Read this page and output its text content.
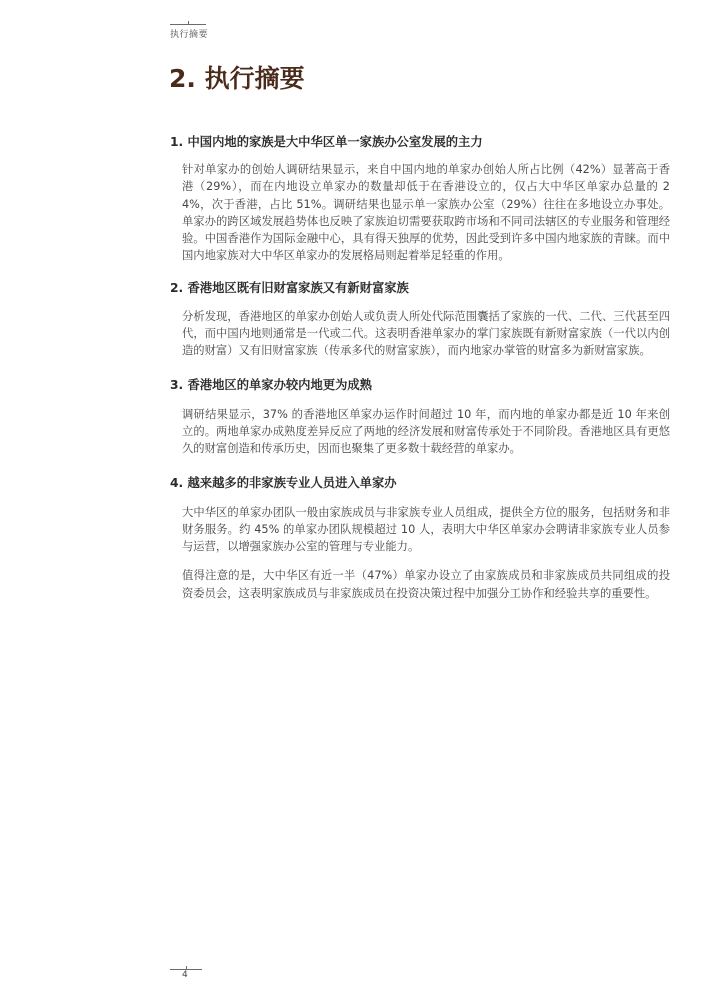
执行摘要
2. 执行摘要
1. 中国内地的家族是大中华区单一家族办公室发展的主力

针对单家办的创始人调研结果显示，来自中国内地的单家办创始人所占比例（42%）显著高于香港（29%），而在内地设立单家办的数量却低于在香港设立的，仅占大中华区单家办总量的 24%，次于香港，占比 51%。调研结果也显示单一家族办公室（29%）往往在多地设立办事处。单家办的跨区域发展趋势体也反映了家族迫切需要获取跨市场和不同司法辖区的专业服务和管理经验。中国香港作为国际金融中心，具有得天独厚的优势，因此受到许多中国内地家族的青睐。而中国内地家族对大中华区单家办的发展格局则起着举足轻重的作用。

2. 香港地区既有旧财富家族又有新财富家族

分析发现，香港地区的单家办创始人或负责人所处代际范围囊括了家族的一代、二代、三代甚至四代，而中国内地则通常是一代或二代。这表明香港单家办的掌门家族既有新财富家族（一代以内创造的财富）又有旧财富家族（传承多代的财富家族），而内地家办掌管的财富多为新财富家族。

3. 香港地区的单家办较内地更为成熟

调研结果显示，37% 的香港地区单家办运作时间超过 10 年，而内地的单家办都是近 10 年来创立的。两地单家办成熟度差异反应了两地的经济发展和财富传承处于不同阶段。香港地区具有更悠久的财富创造和传承历史，因而也聚集了更多数十载经营的单家办。

4. 越来越多的非家族专业人员进入单家办

大中华区的单家办团队一般由家族成员与非家族专业人员组成，提供全方位的服务，包括财务和非财务服务。约 45% 的单家办团队规模超过 10 人，表明大中华区单家办会聘请非家族专业人员参与运营，以增强家族办公室的管理与专业能力。

值得注意的是，大中华区有近一半（47%）单家办设立了由家族成员和非家族成员共同组成的投资委员会，这表明家族成员与非家族成员在投资决策过程中加强分工协作和经验共享的重要性。

4
